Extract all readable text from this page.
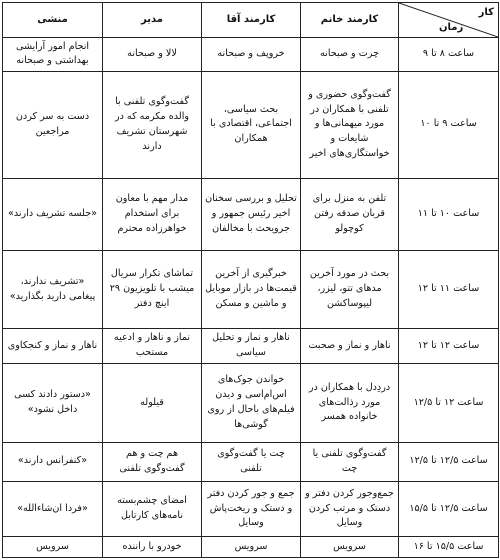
منشی	مدیر	کارمند آقا	کارمند خانم	کار
زمان

انجام امور آرایشی بهداشتی و صبحانه	لالا و صبحانه	خروپف و صبحانه	چرت و صبحانه	ساعت ۸ تا ۹
دست به سر کردن مراجعین	گفت‌وگوی تلفنی با والده مکرمه که در شهرستان تشریف دارند	بحث سیاسی، اجتماعی، اقتصادی با همکاران	گفت‌وگوی حضوری و تلفنی با همکاران در مورد میهمانی‌ها و شایعات و خواستگاری‌های اخیر	ساعت ۹ تا ۱۰
«جلسه تشریف دارند»	مدار مهم با معاون برای استخدام خواهرزاده محترم	تحلیل و بررسی سخنان اخیر رئیس جمهور و جرویحث با مخالفان	تلفن به منزل برای قربان صدقه رفتن کوچولو	ساعت ۱۰ تا ۱۱
«تشریف ندارند، پیغامی دارید بگذارید»	تماشای تکرار سریال میشب با تلویزیون ۲۹ اینچ دفتر	خبرگیری از آخرین قیمت‌ها در بازار موبایل و ماشین و مسکن	بحث در مورد آخرین مدهای تتو، لیزر، لیپوساکشن	ساعت ۱۱ تا ۱۲
ناهار و نماز و کنجکاوی	نماز و ناهار و ادعیه مستحب	ناهار و نماز و تحلیل سیاسی	ناهار و نماز و صحبت	ساعت ۱۲ تا ۱۲
«دستور دادند کسی داخل نشود»	قیلوله	خواندن جوک‌های اس‌ام‌اسی و دیدن فیلم‌های باحال از روی گوشی‌ها	دردِدل با همکاران در مورد رذالت‌های خانواده همسر	ساعت ۱۲ تا ۱۲/۵
«کنفرانس دارند»	هم چت و هم گفت‌وگوی تلفنی	چت یا گفت‌وگوی تلفنی	گفت‌وگوی تلفنی یا چت	ساعت ۱۲/۵ تا ۱۲/۵
«فردا ان‌شاءالله»	امضای چشم‌بسته نامه‌های کارتابل	جمع و جور کردن دفتر و دستک و ریخت‌پاش وسایل	جمع‌وجور کردن دفتر و دستک و مرتب کردن وسایل	ساعت ۱۲/۵ تا ۱۵/۵
سرویس	خودرو با راننده	سرویس	سرویس	ساعت ۱۵/۵ تا ۱۶
